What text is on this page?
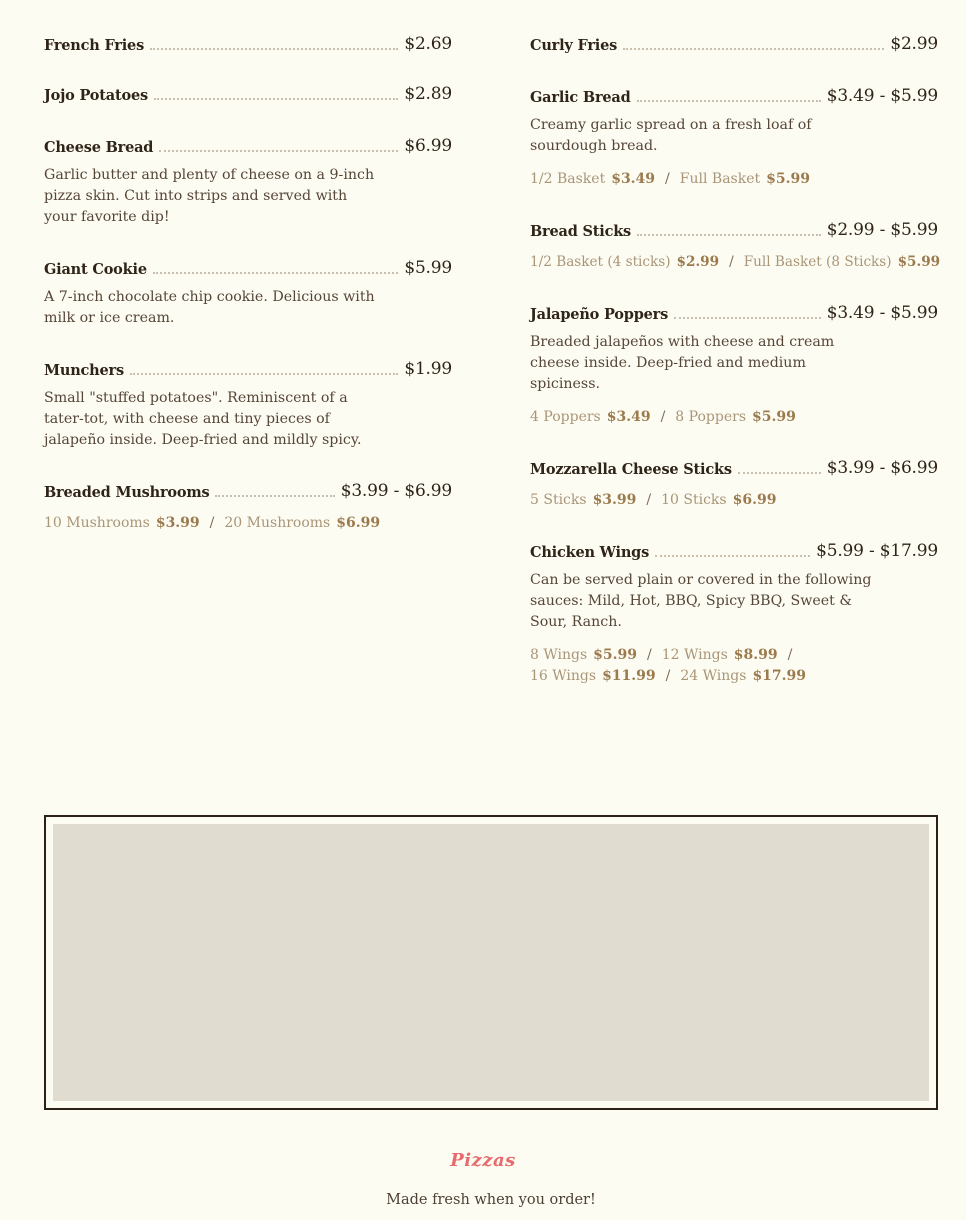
French Fries	$2.69
Jojo Potatoes	$2.89
Cheese Bread	$6.99
Garlic butter and plenty of cheese on a 9-inch pizza skin. Cut into strips and served with your favorite dip!
Giant Cookie	$5.99
A 7-inch chocolate chip cookie. Delicious with milk or ice cream.
Munchers	$1.99
Small "stuffed potatoes". Reminiscent of a tater-tot, with cheese and tiny pieces of jalapeño inside. Deep-fried and mildly spicy.
Breaded Mushrooms	$3.99 - $6.99
10 Mushrooms $3.99 / 20 Mushrooms $6.99
Curly Fries	$2.99
Garlic Bread	$3.49 - $5.99
Creamy garlic spread on a fresh loaf of sourdough bread.
1/2 Basket $3.49 / Full Basket $5.99
Bread Sticks	$2.99 - $5.99
1/2 Basket (4 sticks) $2.99 / Full Basket (8 Sticks) $5.99
Jalapeño Poppers	$3.49 - $5.99
Breaded jalapeños with cheese and cream cheese inside. Deep-fried and medium spiciness.
4 Poppers $3.49 / 8 Poppers $5.99
Mozzarella Cheese Sticks	$3.99 - $6.99
5 Sticks $3.99 / 10 Sticks $6.99
Chicken Wings	$5.99 - $17.99
Can be served plain or covered in the following sauces: Mild, Hot, BBQ, Spicy BBQ, Sweet & Sour, Ranch.
8 Wings $5.99 / 12 Wings $8.99 /
16 Wings $11.99 / 24 Wings $17.99
Pizzas
Made fresh when you order!
